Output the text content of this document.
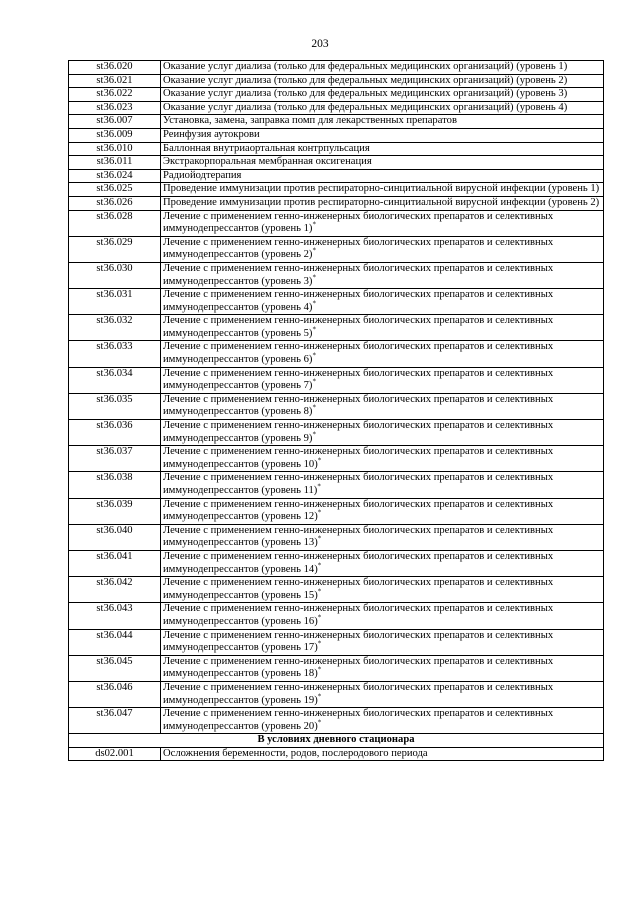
203
st36.020	Оказание услуг диализа (только для федеральных медицинских организаций) (уровень 1)
st36.021	Оказание услуг диализа (только для федеральных медицинских организаций) (уровень 2)
st36.022	Оказание услуг диализа (только для федеральных медицинских организаций) (уровень 3)
st36.023	Оказание услуг диализа (только для федеральных медицинских организаций) (уровень 4)
st36.007	Установка, замена, заправка помп для лекарственных препаратов
st36.009	Реинфузия аутокрови
st36.010	Баллонная внутриаортальная контрпульсация
st36.011	Экстракорпоральная мембранная оксигенация
st36.024	Радиойодтерапия
st36.025	Проведение иммунизации против респираторно-синцитиальной вирусной инфекции (уровень 1)
st36.026	Проведение иммунизации против респираторно-синцитиальной вирусной инфекции (уровень 2)
st36.028	Лечение с применением генно-инженерных биологических препаратов и селективных иммунодепрессантов (уровень 1)*
st36.029	Лечение с применением генно-инженерных биологических препаратов и селективных иммунодепрессантов (уровень 2)*
st36.030	Лечение с применением генно-инженерных биологических препаратов и селективных иммунодепрессантов (уровень 3)*
st36.031	Лечение с применением генно-инженерных биологических препаратов и селективных иммунодепрессантов (уровень 4)*
st36.032	Лечение с применением генно-инженерных биологических препаратов и селективных иммунодепрессантов (уровень 5)*
st36.033	Лечение с применением генно-инженерных биологических препаратов и селективных иммунодепрессантов (уровень 6)*
st36.034	Лечение с применением генно-инженерных биологических препаратов и селективных иммунодепрессантов (уровень 7)*
st36.035	Лечение с применением генно-инженерных биологических препаратов и селективных иммунодепрессантов (уровень 8)*
st36.036	Лечение с применением генно-инженерных биологических препаратов и селективных иммунодепрессантов (уровень 9)*
st36.037	Лечение с применением генно-инженерных биологических препаратов и селективных иммунодепрессантов (уровень 10)*
st36.038	Лечение с применением генно-инженерных биологических препаратов и селективных иммунодепрессантов (уровень 11)*
st36.039	Лечение с применением генно-инженерных биологических препаратов и селективных иммунодепрессантов (уровень 12)*
st36.040	Лечение с применением генно-инженерных биологических препаратов и селективных иммунодепрессантов (уровень 13)*
st36.041	Лечение с применением генно-инженерных биологических препаратов и селективных иммунодепрессантов (уровень 14)*
st36.042	Лечение с применением генно-инженерных биологических препаратов и селективных иммунодепрессантов (уровень 15)*
st36.043	Лечение с применением генно-инженерных биологических препаратов и селективных иммунодепрессантов (уровень 16)*
st36.044	Лечение с применением генно-инженерных биологических препаратов и селективных иммунодепрессантов (уровень 17)*
st36.045	Лечение с применением генно-инженерных биологических препаратов и селективных иммунодепрессантов (уровень 18)*
st36.046	Лечение с применением генно-инженерных биологических препаратов и селективных иммунодепрессантов (уровень 19)*
st36.047	Лечение с применением генно-инженерных биологических препаратов и селективных иммунодепрессантов (уровень 20)*
В условиях дневного стационара	
ds02.001	Осложнения беременности, родов, послеродового периода
